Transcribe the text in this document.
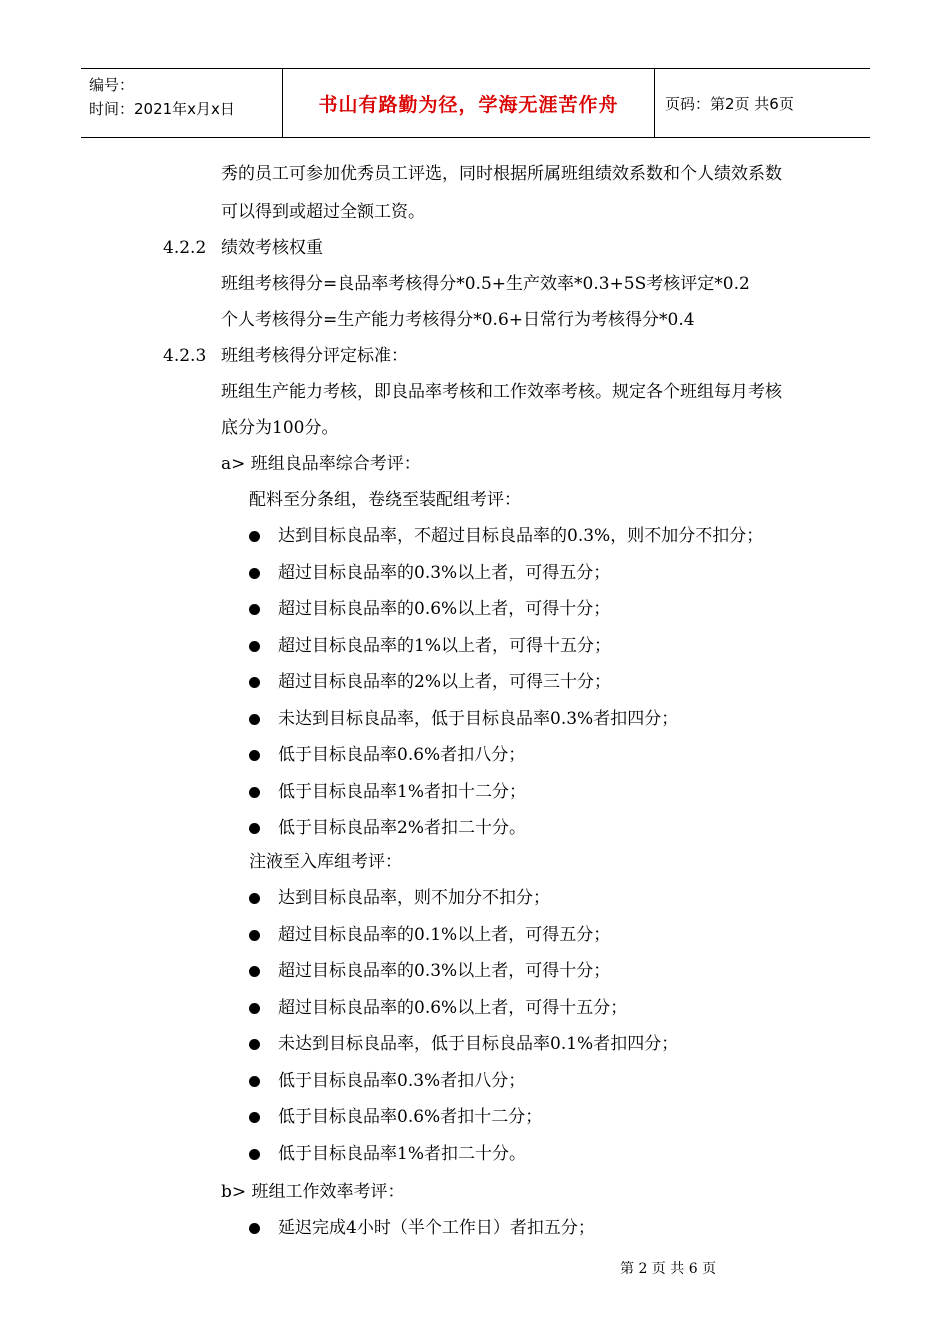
编号：
时间：2021年x月x日	书山有路勤为径，学海无涯苦作舟	页码：第2页 共6页
秀的员工可参加优秀员工评选，同时根据所属班组绩效系数和个人绩效系数
可以得到或超过全额工资。
4.2.2 绩效考核权重
班组考核得分=良品率考核得分*0.5+生产效率*0.3+5S考核评定*0.2
个人考核得分=生产能力考核得分*0.6+日常行为考核得分*0.4
4.2.3 班组考核得分评定标准：
班组生产能力考核，即良品率考核和工作效率考核。规定各个班组每月考核
底分为100分。
a> 班组良品率综合考评：
配料至分条组，卷绕至装配组考评：
达到目标良品率，不超过目标良品率的0.3%，则不加分不扣分；
超过目标良品率的0.3%以上者，可得五分；
超过目标良品率的0.6%以上者，可得十分；
超过目标良品率的1%以上者，可得十五分；
超过目标良品率的2%以上者，可得三十分；
未达到目标良品率，低于目标良品率0.3%者扣四分；
低于目标良品率0.6%者扣八分；
低于目标良品率1%者扣十二分；
低于目标良品率2%者扣二十分。
注液至入库组考评：
达到目标良品率，则不加分不扣分；
超过目标良品率的0.1%以上者，可得五分；
超过目标良品率的0.3%以上者，可得十分；
超过目标良品率的0.6%以上者，可得十五分；
未达到目标良品率，低于目标良品率0.1%者扣四分；
低于目标良品率0.3%者扣八分；
低于目标良品率0.6%者扣十二分；
低于目标良品率1%者扣二十分。
b> 班组工作效率考评：
延迟完成4小时（半个工作日）者扣五分；
第 2 页 共 6 页
